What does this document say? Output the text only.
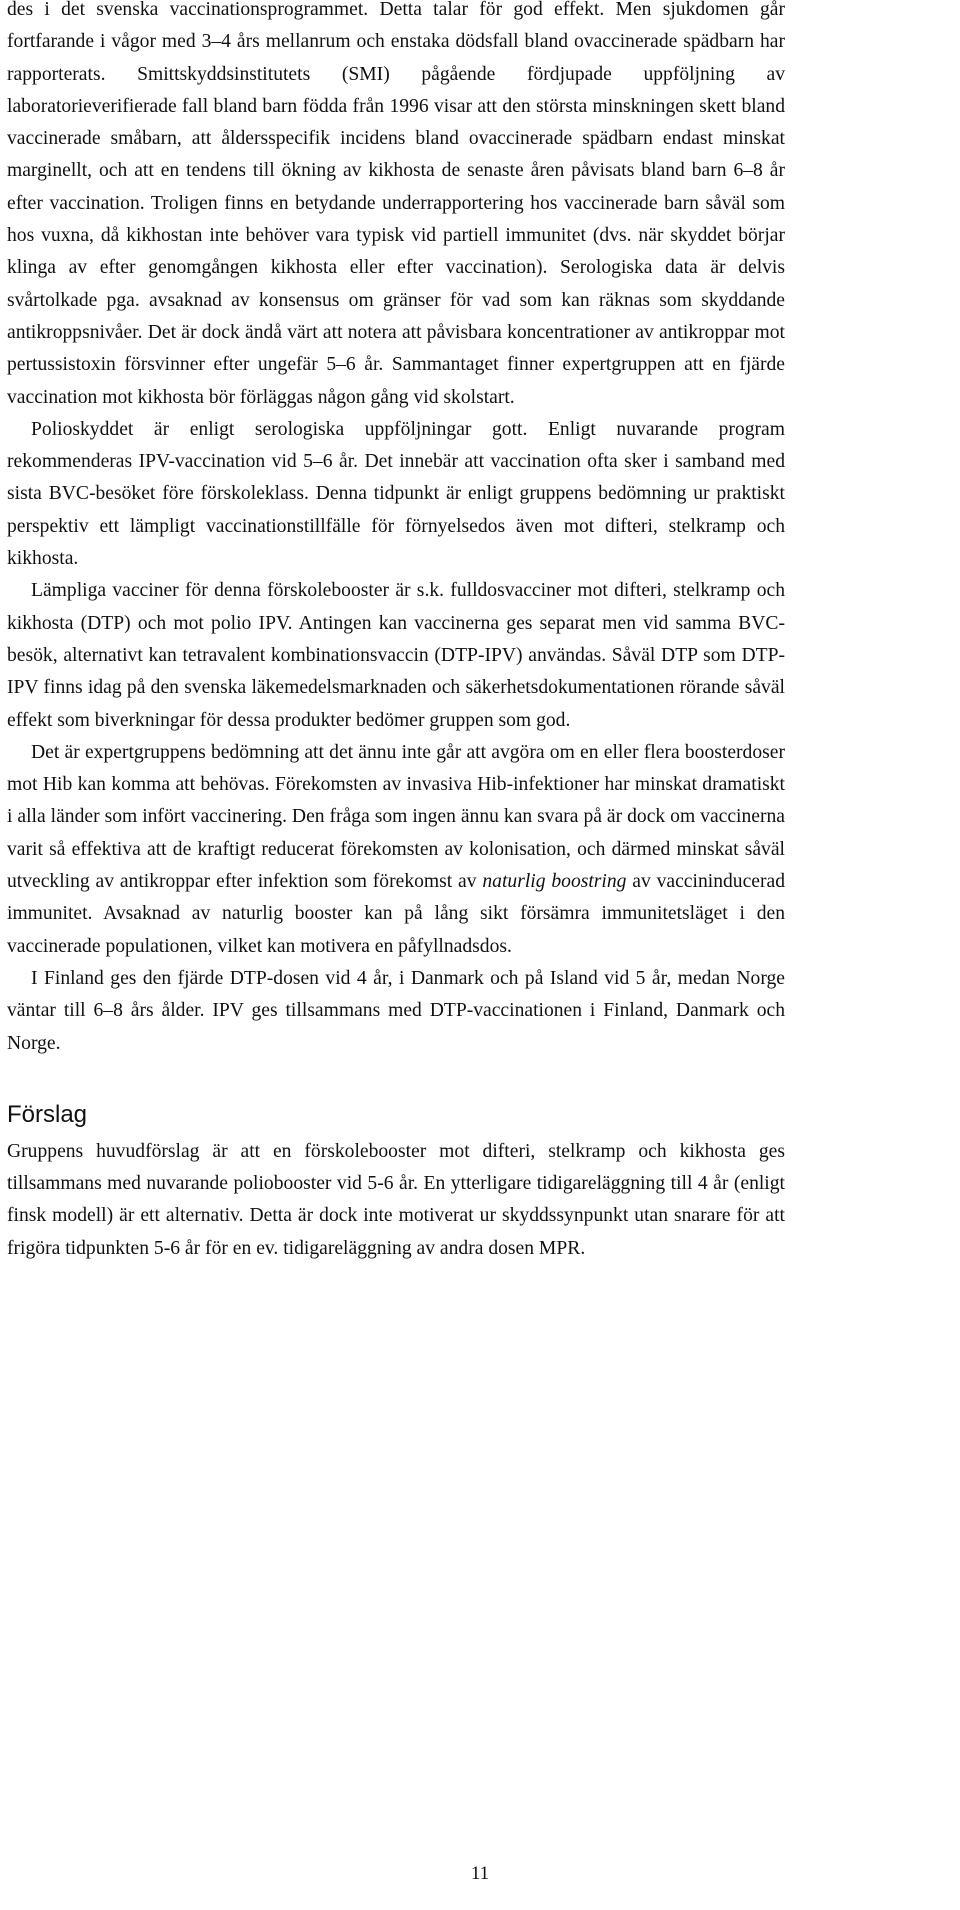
des i det svenska vaccinationsprogrammet. Detta talar för god effekt. Men sjukdomen går fortfarande i vågor med 3–4 års mellanrum och enstaka dödsfall bland ovaccinerade spädbarn har rapporterats. Smittskyddsinstitutets (SMI) pågående fördjupade uppföljning av laboratorieverifierade fall bland barn födda från 1996 visar att den största minskningen skett bland vaccinerade småbarn, att åldersspecifik incidens bland ovaccinerade spädbarn endast minskat marginellt, och att en tendens till ökning av kikhosta de senaste åren påvisats bland barn 6–8 år efter vaccination. Troligen finns en betydande underrapportering hos vaccinerade barn såväl som hos vuxna, då kikhostan inte behöver vara typisk vid partiell immunitet (dvs. när skyddet börjar klinga av efter genomgången kikhosta eller efter vaccination). Serologiska data är delvis svårtolkade pga. avsaknad av konsensus om gränser för vad som kan räknas som skyddande antikroppsnivåer. Det är dock ändå värt att notera att påvisbara koncentrationer av antikroppar mot pertussistoxin försvinner efter ungefär 5–6 år. Sammantaget finner expertgruppen att en fjärde vaccination mot kikhosta bör förläggas någon gång vid skolstart.

Polioskyddet är enligt serologiska uppföljningar gott. Enligt nuvarande program rekommenderas IPV-vaccination vid 5–6 år. Det innebär att vaccination ofta sker i samband med sista BVC-besöket före förskoleklass. Denna tidpunkt är enligt gruppens bedömning ur praktiskt perspektiv ett lämpligt vaccinationstillfälle för förnyelsedos även mot difteri, stelkramp och kikhosta.

Lämpliga vacciner för denna förskolebooster är s.k. fulldosvacciner mot difteri, stelkramp och kikhosta (DTP) och mot polio IPV. Antingen kan vaccinerna ges separat men vid samma BVC-besök, alternativt kan tetravalent kombinationsvaccin (DTP-IPV) användas. Såväl DTP som DTP-IPV finns idag på den svenska läkemedelsmarknaden och säkerhetsdokumentationen rörande såväl effekt som biverkningar för dessa produkter bedömer gruppen som god.

Det är expertgruppens bedömning att det ännu inte går att avgöra om en eller flera boosterdoser mot Hib kan komma att behövas. Förekomsten av invasiva Hib-infektioner har minskat dramatiskt i alla länder som infört vaccinering. Den fråga som ingen ännu kan svara på är dock om vaccinerna varit så effektiva att de kraftigt reducerat förekomsten av kolonisation, och därmed minskat såväl utveckling av antikroppar efter infektion som förekomst av naturlig boostring av vaccininducerad immunitet. Avsaknad av naturlig booster kan på lång sikt försämra immunitetsläget i den vaccinerade populationen, vilket kan motivera en påfyllnadsdos.

I Finland ges den fjärde DTP-dosen vid 4 år, i Danmark och på Island vid 5 år, medan Norge väntar till 6–8 års ålder. IPV ges tillsammans med DTP-vaccinationen i Finland, Danmark och Norge.

Förslag

Gruppens huvudförslag är att en förskolebooster mot difteri, stelkramp och kikhosta ges tillsammans med nuvarande poliobooster vid 5-6 år. En ytterligare tidigareläggning till 4 år (enligt finsk modell) är ett alternativ. Detta är dock inte motiverat ur skyddssynpunkt utan snarare för att frigöra tidpunkten 5-6 år för en ev. tidigareläggning av andra dosen MPR.

11
